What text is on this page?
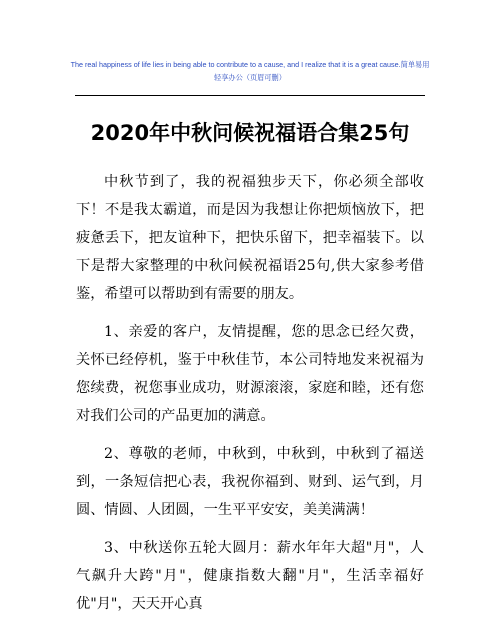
The real happiness of life lies in being able to contribute to a cause, and I realize that it is a great cause.简单易用
轻享办公（页眉可删）
2020年中秋问候祝福语合集25句

中秋节到了，我的祝福独步天下，你必须全部收下！不是我太霸道，而是因为我想让你把烦恼放下，把疲惫丢下，把友谊种下，把快乐留下，把幸福装下。以下是帮大家整理的中秋问候祝福语25句,供大家参考借鉴，希望可以帮助到有需要的朋友。

1、亲爱的客户，友情提醒，您的思念已经欠费，关怀已经停机，鉴于中秋佳节，本公司特地发来祝福为您续费，祝您事业成功，财源滚滚，家庭和睦，还有您对我们公司的产品更加的满意。

2、尊敬的老师，中秋到，中秋到，中秋到了福送到，一条短信把心表，我祝你福到、财到、运气到，月圆、情圆、人团圆，一生平平安安，美美满满！

3、中秋送你五轮大圆月：薪水年年大超"月"，人气飙升大跨"月"，健康指数大翻"月"，生活幸福好优"月"，天天开心真
